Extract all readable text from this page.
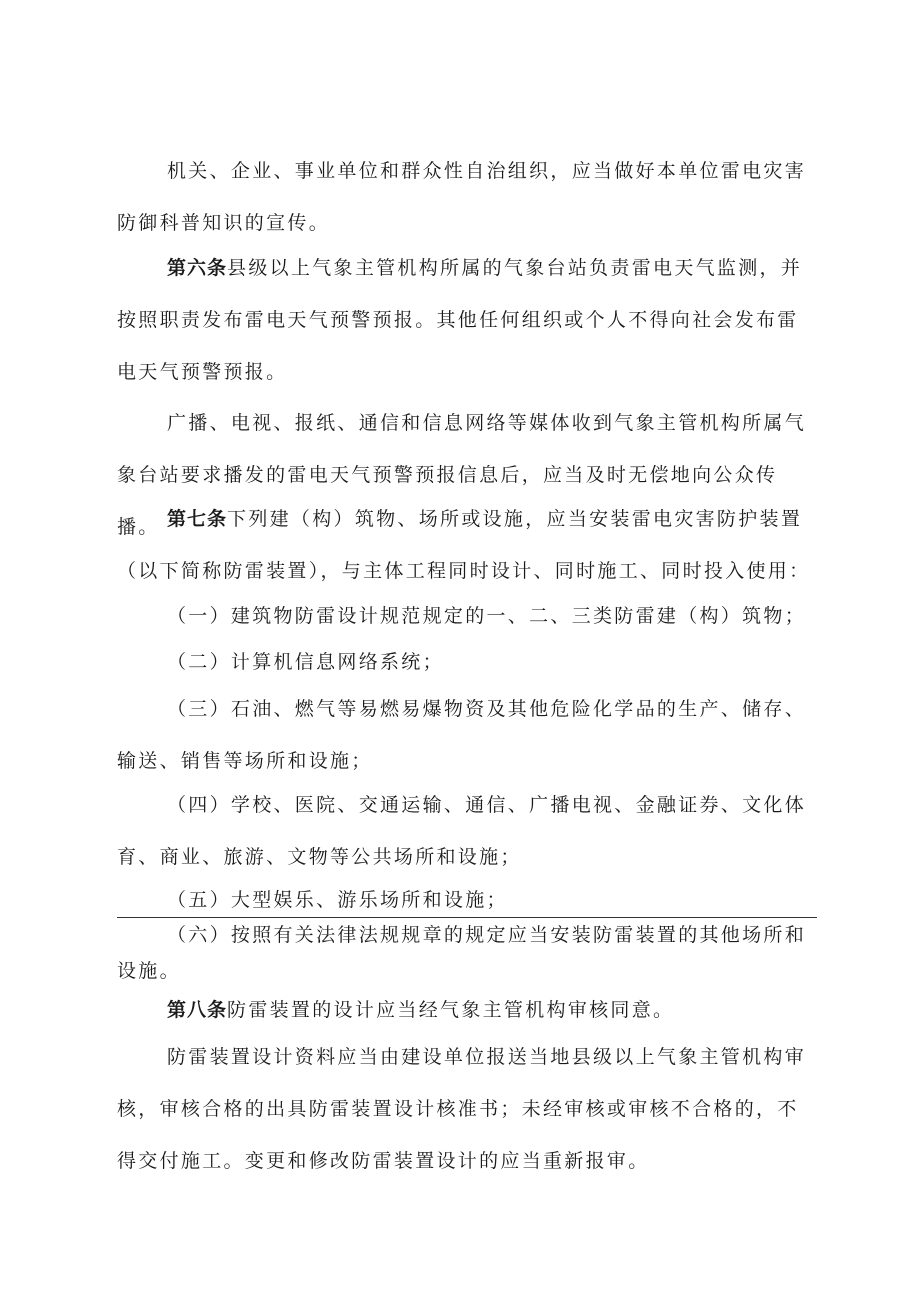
机关、企业、事业单位和群众性自治组织，应当做好本单位雷电灾害防御科普知识的宣传。

第六条县级以上气象主管机构所属的气象台站负责雷电天气监测，并按照职责发布雷电天气预警预报。其他任何组织或个人不得向社会发布雷电天气预警预报。

广播、电视、报纸、通信和信息网络等媒体收到气象主管机构所属气象台站要求播发的雷电天气预警预报信息后，应当及时无偿地向公众传播。 第七条下列建（构）筑物、场所或设施，应当安装雷电灾害防护装置（以下简称防雷装置），与主体工程同时设计、同时施工、同时投入使用：

（一）建筑物防雷设计规范规定的一、二、三类防雷建（构）筑物；

（二）计算机信息网络系统；

（三）石油、燃气等易燃易爆物资及其他危险化学品的生产、储存、输送、销售等场所和设施；

（四）学校、医院、交通运输、通信、广播电视、金融证券、文化体育、商业、旅游、文物等公共场所和设施；

（五）大型娱乐、游乐场所和设施；

（六）按照有关法律法规规章的规定应当安装防雷装置的其他场所和设施。

第八条防雷装置的设计应当经气象主管机构审核同意。

防雷装置设计资料应当由建设单位报送当地县级以上气象主管机构审核，审核合格的出具防雷装置设计核准书；未经审核或审核不合格的，不得交付施工。变更和修改防雷装置设计的应当重新报审。
